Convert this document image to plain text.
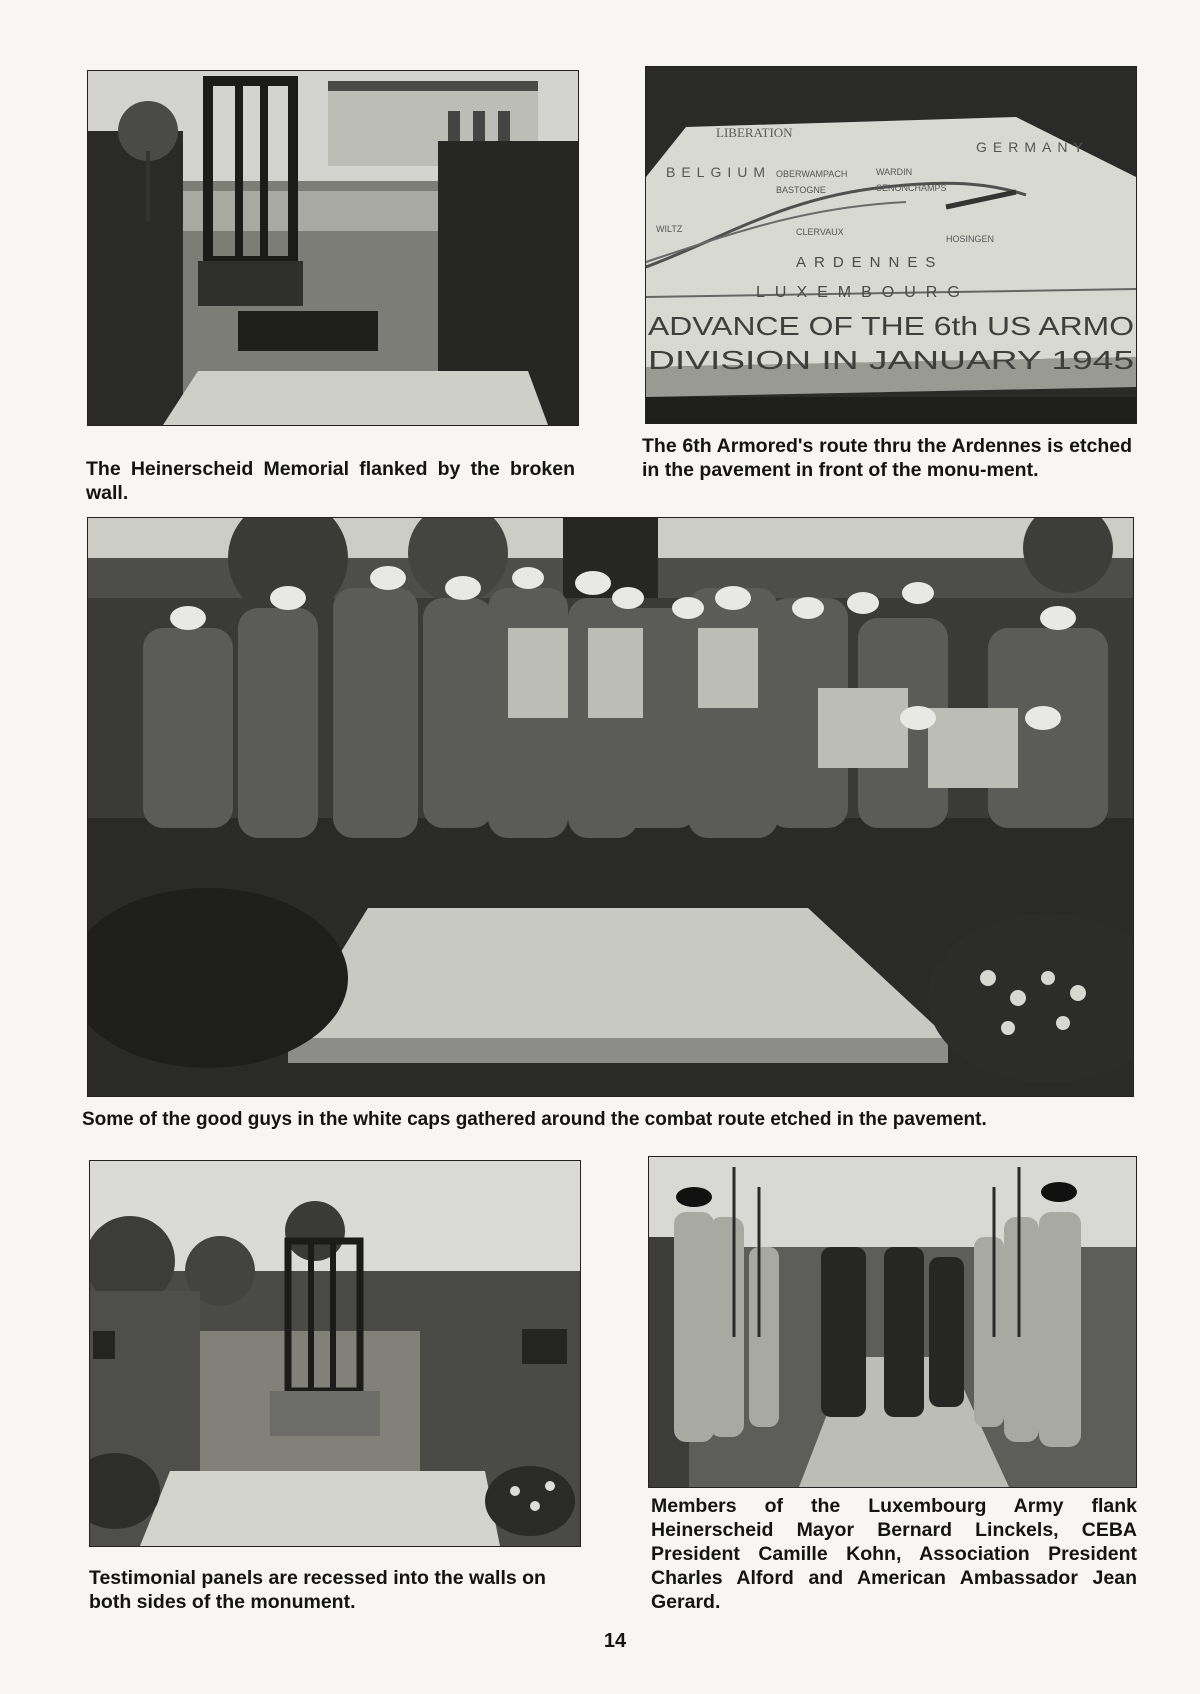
LIBERATION
BELGIUM
GERMANY
OBERWAMPACH	WARDIN
BASTOGNE	SENONCHAMPS
CLERVAUX
HOSINGEN
WILTZ
ARDENNES
LUXEMBOURG
ADVANCE OF THE 6th US ARMO
DIVISION IN JANUARY 1945

The Heinerscheid Memorial flanked by the broken wall.

The 6th Armored's route thru the Ardennes is etched in the pavement in front of the monu-ment.

Some of the good guys in the white caps gathered around the combat route etched in the pavement.

Testimonial panels are recessed into the walls on both sides of the monument.

Members of the Luxembourg Army flank Heinerscheid Mayor Bernard Linckels, CEBA President Camille Kohn, Association President Charles Alford and American Ambassador Jean Gerard.

14
